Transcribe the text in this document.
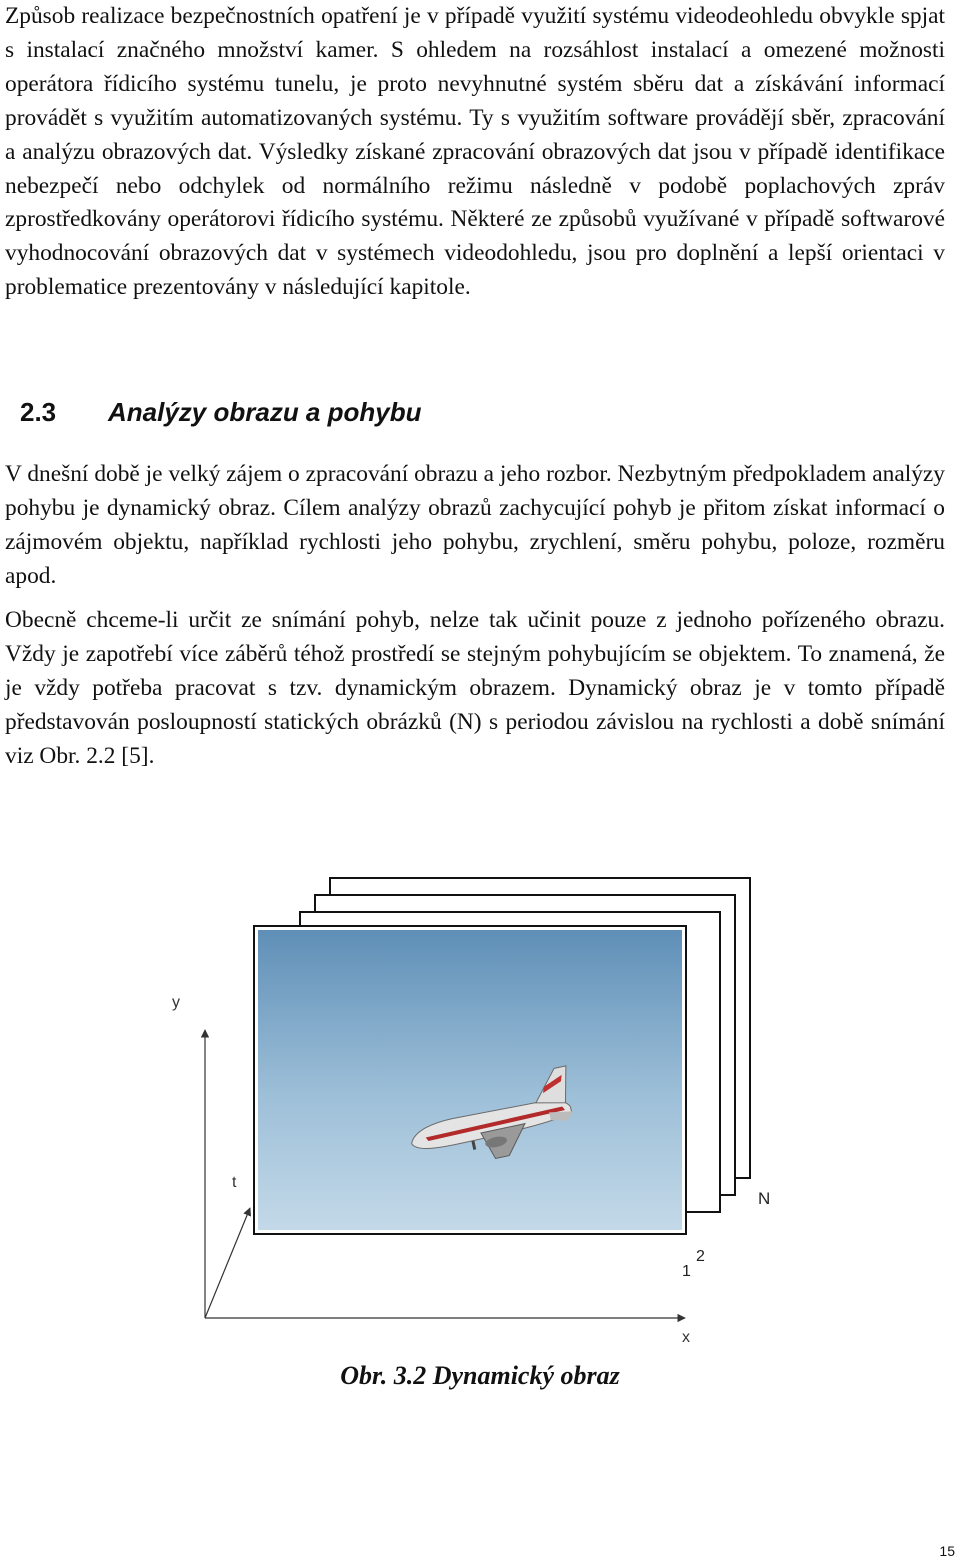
Způsob realizace bezpečnostních opatření je v případě využití systému videodeohledu obvykle spjat s instalací značného množství kamer. S ohledem na rozsáhlost instalací a omezené možnosti operátora řídicího systému tunelu, je proto nevyhnutné systém sběru dat a získávání informací provádět s využitím automatizovaných systému. Ty s využitím software provádějí sběr, zpracování a analýzu obrazových dat. Výsledky získané zpracování obrazových dat jsou v případě identifikace nebezpečí nebo odchylek od normálního režimu následně v podobě poplachových zpráv zprostředkovány operátorovi řídicího systému. Některé ze způsobů využívané v případě softwarové vyhodnocování obrazových dat v systémech videodohledu, jsou pro doplnění a lepší orientaci v problematice prezentovány v následující kapitole.

2.3 Analýzy obrazu a pohybu

V dnešní době je velký zájem o zpracování obrazu a jeho rozbor. Nezbytným předpokladem analýzy pohybu je dynamický obraz. Cílem analýzy obrazů zachycující pohyb je přitom získat informací o zájmovém objektu, například rychlosti jeho pohybu, zrychlení, směru pohybu, poloze, rozměru apod.

Obecně chceme-li určit ze snímání pohyb, nelze tak učinit pouze z jednoho pořízeného obrazu. Vždy je zapotřebí více záběrů téhož prostředí se stejným pohybujícím se objektem. To znamená, že je vždy potřeba pracovat s tzv. dynamickým obrazem. Dynamický obraz je v tomto případě představován posloupností statických obrázků (N) s periodou závislou na rychlosti a době snímání viz Obr. 2.2 [5].

y
t
x
N
2
1

Obr. 3.2 Dynamický obraz

15
